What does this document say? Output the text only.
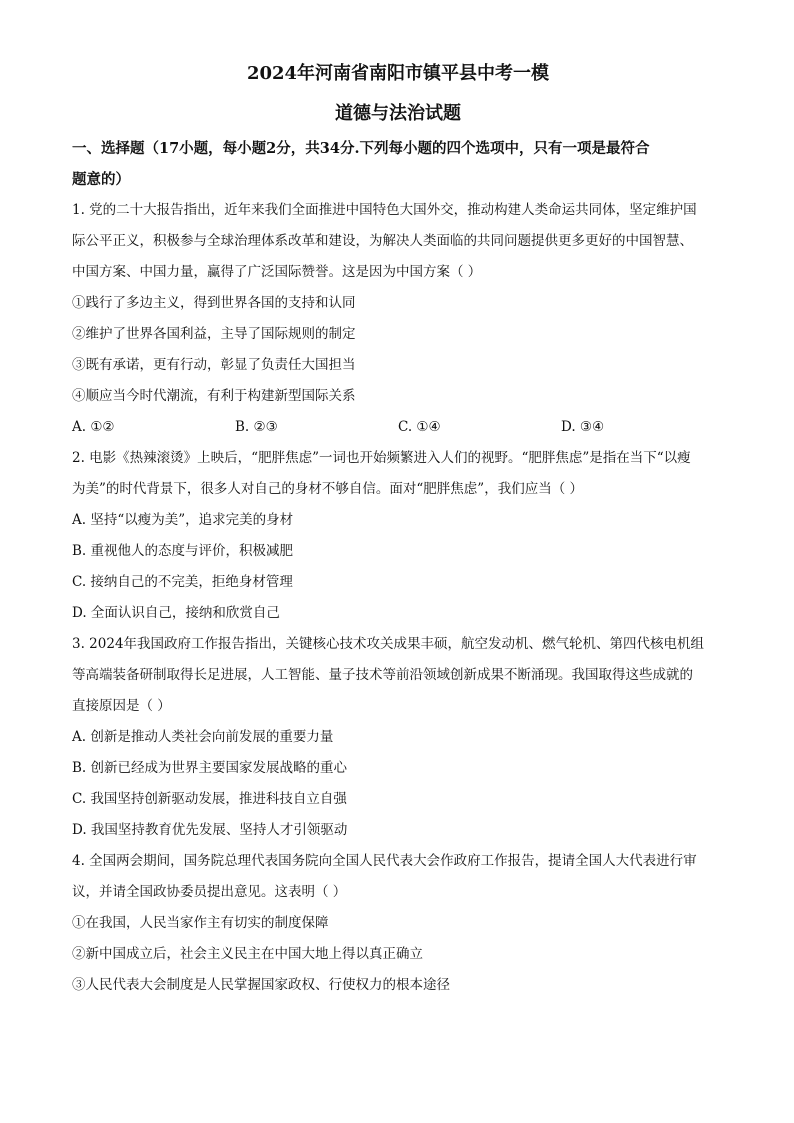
2024年河南省南阳市镇平县中考一模
道德与法治试题
一、选择题（17小题，每小题2分，共34分.下列每小题的四个选项中，只有一项是最符合
题意的）
1. 党的二十大报告指出，近年来我们全面推进中国特色大国外交，推动构建人类命运共同体，坚定维护国
际公平正义，积极参与全球治理体系改革和建设，为解决人类面临的共同问题提供更多更好的中国智慧、
中国方案、中国力量，赢得了广泛国际赞誉。这是因为中国方案（ ）
①践行了多边主义，得到世界各国的支持和认同
②维护了世界各国利益，主导了国际规则的制定
③既有承诺，更有行动，彰显了负责任大国担当
④顺应当今时代潮流，有利于构建新型国际关系
A. ①②	B. ②③	C. ①④	D. ③④
2. 电影《热辣滚烫》上映后，“肥胖焦虑”一词也开始频繁进入人们的视野。“肥胖焦虑”是指在当下“以瘦
为美”的时代背景下，很多人对自己的身材不够自信。面对“肥胖焦虑”，我们应当（ ）
A. 坚持“以瘦为美”，追求完美的身材
B. 重视他人的态度与评价，积极减肥
C. 接纳自己的不完美，拒绝身材管理
D. 全面认识自己，接纳和欣赏自己
3. 2024年我国政府工作报告指出，关键核心技术攻关成果丰硕，航空发动机、燃气轮机、第四代核电机组
等高端装备研制取得长足进展，人工智能、量子技术等前沿领域创新成果不断涌现。我国取得这些成就的
直接原因是（ ）
A. 创新是推动人类社会向前发展的重要力量
B. 创新已经成为世界主要国家发展战略的重心
C. 我国坚持创新驱动发展，推进科技自立自强
D. 我国坚持教育优先发展、坚持人才引领驱动
4. 全国两会期间，国务院总理代表国务院向全国人民代表大会作政府工作报告，提请全国人大代表进行审
议，并请全国政协委员提出意见。这表明（ ）
①在我国，人民当家作主有切实的制度保障
②新中国成立后，社会主义民主在中国大地上得以真正确立
③人民代表大会制度是人民掌握国家政权、行使权力的根本途径
